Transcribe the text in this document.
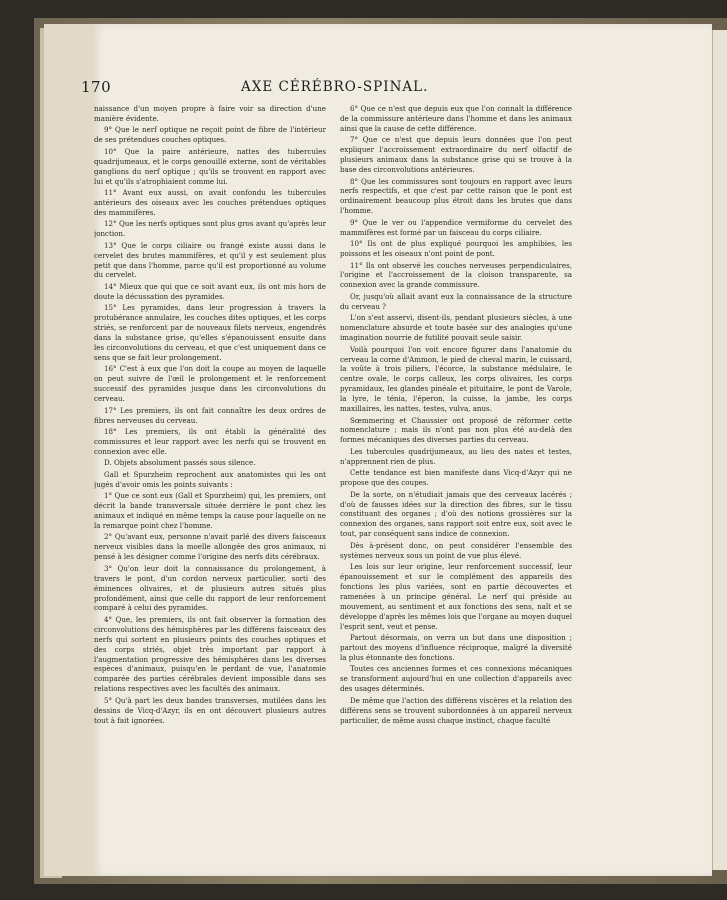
170	AXE CÉRÉBRO-SPINAL.

naissance d'un moyen propre à faire voir sa direction d'une manière évidente.

9° Que le nerf optique ne reçoit point de fibre de l'intérieur de ses prétendues couches optiques.

10° Que la paire antérieure, nattes des tubercules quadrijumeaux, et le corps genouillé externe, sont de véritables ganglions du nerf optique ; qu'ils se trouvent en rapport avec lui et qu'ils s'atrophiaient comme lui.

11° Avant eux aussi, on avait confondu les tubercules antérieurs des oiseaux avec les couches prétendues optiques des mammifères.

12° Que les nerfs optiques sont plus gros avant qu'après leur jonction.

13° Que le corps ciliaire ou frangé existe aussi dans le cervelet des brutes mammifères, et qu'il y est seulement plus petit que dans l'homme, parce qu'il est proportionné au volume du cervelet.

14° Mieux que qui que ce soit avant eux, ils ont mis hors de doute la décussation des pyramides.

15° Les pyramides, dans leur progression à travers la protubérance annulaire, les couches dites optiques, et les corps striés, se renforcent par de nouveaux filets nerveux, engendrés dans la substance grise, qu'elles s'épanouissent ensuite dans les circonvolutions du cerveau, et que c'est uniquement dans ce sens que se fait leur prolongement.

16° C'est à eux que l'on doit la coupe au moyen de laquelle on peut suivre de l'œil le prolongement et le renforcement successif des pyramides jusque dans les circonvolutions du cerveau.

17° Les premiers, ils ont fait connaître les deux ordres de fibres nerveuses du cerveau.

18° Les premiers, ils ont établi la généralité des commissures et leur rapport avec les nerfs qui se trouvent en connexion avec elle.

D. Objets absolument passés sous silence.

Gall et Spurzheim reprochent aux anatomistes qui les ont jugés d'avoir omis les points suivants :

1° Que ce sont eux (Gall et Spurzheim) qui, les premiers, ont décrit la bande transversale située derrière le pont chez les animaux et indiqué en même temps la cause pour laquelle on ne la remarque point chez l'homme.

2° Qu'avant eux, personne n'avait parlé des divers faisceaux nerveux visibles dans la moelle allongée des gros animaux, ni pensé à les désigner comme l'origine des nerfs dits cérébraux.

3° Qu'on leur doit la connaissance du prolongement, à travers le pont, d'un cordon nerveux particulier, sorti des éminences olivaires, et de plusieurs autres situés plus profondément, ainsi que celle du rapport de leur renforcement comparé à celui des pyramides.

4° Que, les premiers, ils ont fait observer la formation des circonvolutions des hémisphères par les différens faisceaux des nerfs qui sortent en plusieurs points des couches optiques et des corps striés, objet très important par rapport à l'augmentation progressive des hémisphères dans les diverses espèces d'animaux, puisqu'en le perdant de vue, l'anatomie comparée des parties cérébrales devient impossible dans ses relations respectives avec les facultés des animaux.

5° Qu'à part les deux bandes transverses, mutilées dans les dessins de Vicq-d'Azyr, ils en ont découvert plusieurs autres tout à fait ignorées.

6° Que ce n'est que depuis eux que l'on connaît la différence de la commissure antérieure dans l'homme et dans les animaux ainsi que la cause de cette différence.

7° Que ce n'est que depuis leurs données que l'on peut expliquer l'accroissement extraordinaire du nerf olfactif de plusieurs animaux dans la substance grise qui se trouve à la base des circonvolutions antérieures.

8° Que les commissures sont toujours en rapport avec leurs nerfs respectifs, et que c'est par cette raison que le pont est ordinairement beaucoup plus étroit dans les brutes que dans l'homme.

9° Que le ver ou l'appendice vermiforme du cervelet des mammifères est formé par un faisceau du corps ciliaire.

10° Ils ont de plus expliqué pourquoi les amphibies, les poissons et les oiseaux n'ont point de pont.

11° Ils ont observé les couches nerveuses perpendiculaires, l'origine et l'accroissement de la cloison transparente, sa connexion avec la grande commissure.

Or, jusqu'où allait avant eux la connaissance de la structure du cerveau ?

L'on s'est asservi, disent-ils, pendant plusieurs siècles, à une nomenclature absurde et toute basée sur des analogies qu'une imagination nourrie de futilité pouvait seule saisir.

Voilà pourquoi l'on voit encore figurer dans l'anatomie du cerveau la corne d'Ammon, le pied de cheval marin, le cuissard, la voûte à trois piliers, l'écorce, la substance médulaire, le centre ovale, le corps calleux, les corps olivaires, les corps pyramidaux, les glandes pinéale et pituitaire, le pont de Varole, la lyre, le ténia, l'éperon, la cuisse, la jambe, les corps maxillaires, les nattes, testes, vulva, anus.

Sœmmering et Chaussier ont proposé de réformer cette nomenclature ; mais ils n'ont pas non plus été au-delà des formes mécaniques des diverses parties du cerveau.

Les tubercules quadrijumeaux, au lieu des nates et testes, n'apprennent rien de plus.

Cette tendance est bien manifeste dans Vicq-d'Azyr qui ne propose que des coupes.

De la sorte, on n'étudiait jamais que des cerveaux lacérés ; d'où de fausses idées sur la direction des fibres, sur le tissu constituant des organes ; d'où des notions grossières sur la connexion des organes, sans rapport soit entre eux, soit avec le tout, par conséquent sans indice de connexion.

Dès à-présent donc, on peut considérer l'ensemble des systèmes nerveux sous un point de vue plus élevé.

Les lois sur leur origine, leur renforcement successif, leur épanouissement et sur le complément des appareils des fonctions les plus variées, sont en partie découvertes et ramenées à un principe général. Le nerf qui préside au mouvement, au sentiment et aux fonctions des sens, naît et se développe d'après les mêmes lois que l'organe au moyen duquel l'esprit sent, veut et pense.

Partout désormais, on verra un but dans une disposition ; partout des moyens d'influence réciproque, malgré la diversité la plus étonnante des fonctions.

Toutes ces anciennes formes et ces connexions mécaniques se transforment aujourd'hui en une collection d'appareils avec des usages déterminés.

De même que l'action des différens viscères et la relation des différens sens se trouvent subordonnées à un appareil nerveux particulier, de même aussi chaque instinct, chaque faculté
